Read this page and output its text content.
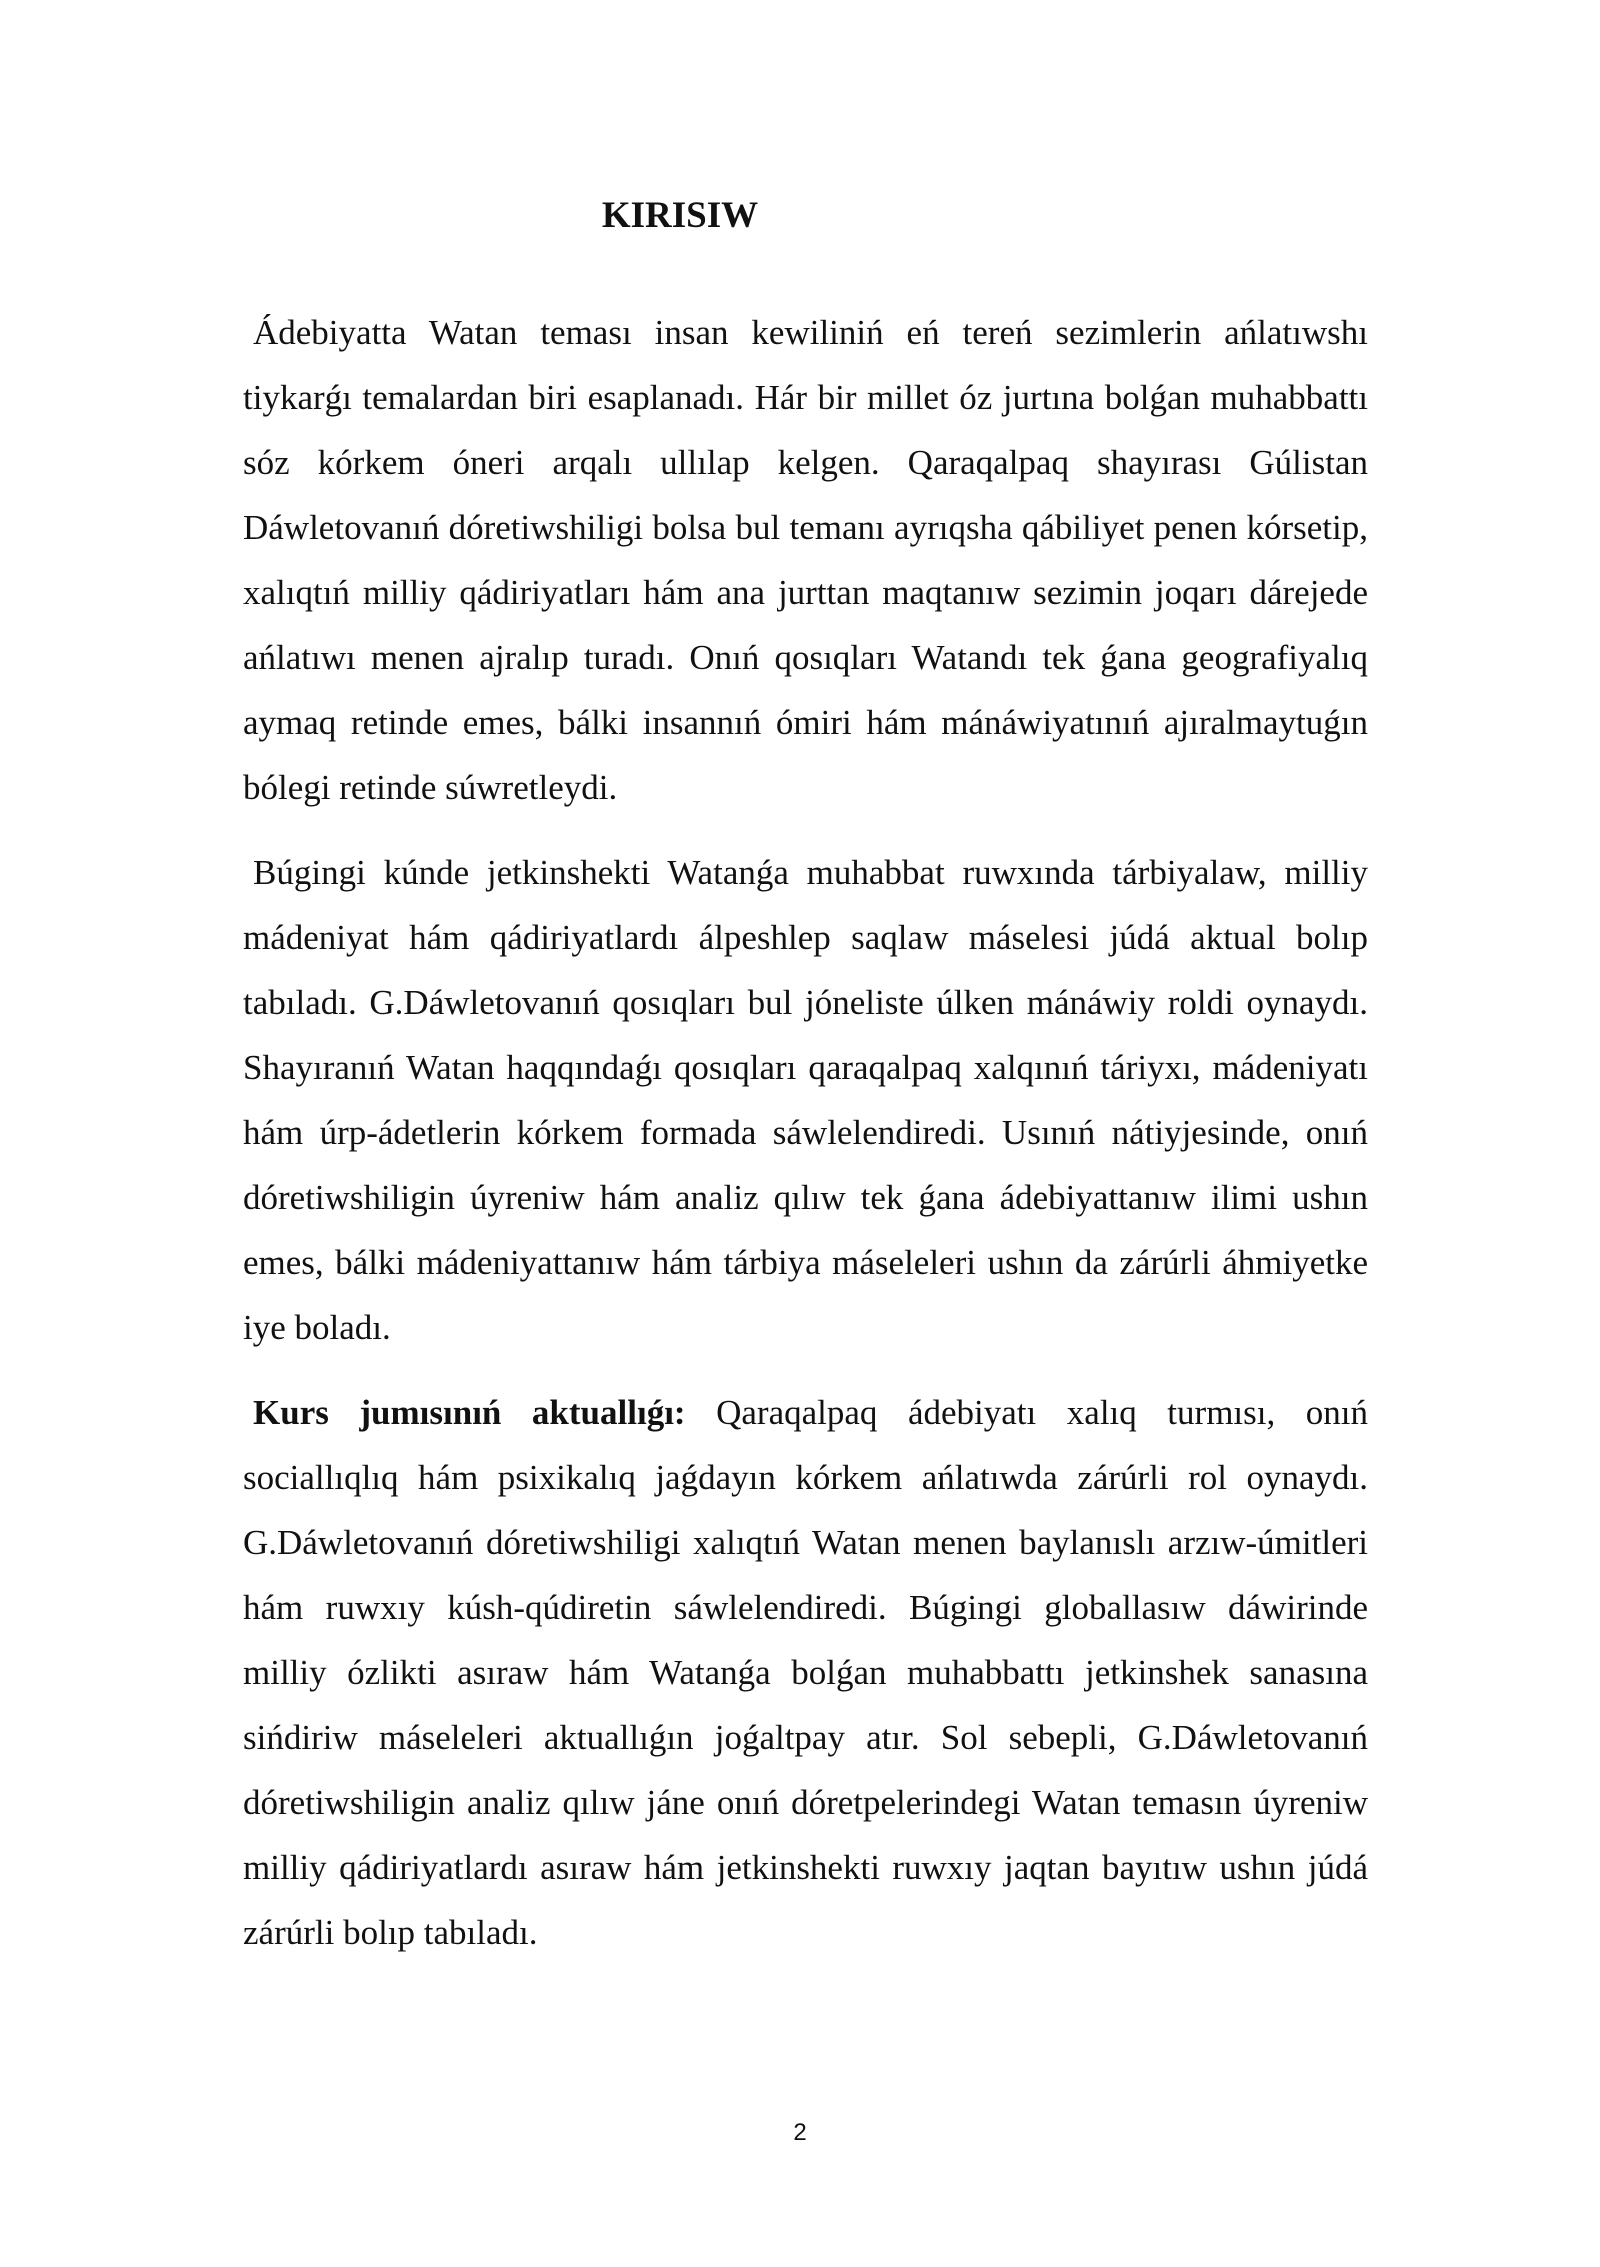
KIRISIW

Ádebiyatta Watan teması insan kewiliniń eń tereń sezimlerin ańlatıwshı tiykarǵı temalardan biri esaplanadı. Hár bir millet óz jurtına bolǵan muhabbattı sóz kórkem óneri arqalı ullılap kelgen. Qaraqalpaq shayırası Gúlistan Dáwletovanıń dóretiwshiligi bolsa bul temanı ayrıqsha qábiliyet penen kórsetip, xalıqtıń milliy qádiriyatları hám ana jurttan maqtanıw sezimin joqarı dárejede ańlatıwı menen ajralıp turadı. Onıń qosıqları Watandı tek ǵana geografiyalıq aymaq retinde emes, bálki insannıń ómiri hám mánáwiyatınıń ajıralmaytuǵın bólegi retinde súwretleydi.

Búgingi kúnde jetkinshekti Watanǵa muhabbat ruwxında tárbiyalaw, milliy mádeniyat hám qádiriyatlardı álpeshlep saqlaw máselesi júdá aktual bolıp tabıladı. G.Dáwletovanıń qosıqları bul jóneliste úlken mánáwiy roldi oynaydı. Shayıranıń Watan haqqındaǵı qosıqları qaraqalpaq xalqınıń táriyxı, mádeniyatı hám úrp-ádetlerin kórkem formada sáwlelendiredi. Usınıń nátiyjesinde, onıń dóretiwshiligin úyreniw hám analiz qılıw tek ǵana ádebiyattanıw ilimi ushın emes, bálki mádeniyattanıw hám tárbiya máseleleri ushın da zárúrli áhmiyetke iye boladı.

Kurs jumısınıń aktuallıǵı: Qaraqalpaq ádebiyatı xalıq turmısı, onıń sociallıqlıq hám psixikalıq jaǵdayın kórkem ańlatıwda zárúrli rol oynaydı. G.Dáwletovanıń dóretiwshiligi xalıqtıń Watan menen baylanıslı arzıw-úmitleri hám ruwxıy kúsh-qúdiretin sáwlelendiredi. Búgingi globallasıw dáwirinde milliy ózlikti asıraw hám Watanǵa bolǵan muhabbattı jetkinshek sanasına sińdiriw máseleleri aktuallıǵın joǵaltpay atır. Sol sebepli, G.Dáwletovanıń dóretiwshiligin analiz qılıw jáne onıń dóretpelerindegi Watan temasın úyreniw milliy qádiriyatlardı asıraw hám jetkinshekti ruwxıy jaqtan bayıtıw ushın júdá zárúrli bolıp tabıladı.

2
